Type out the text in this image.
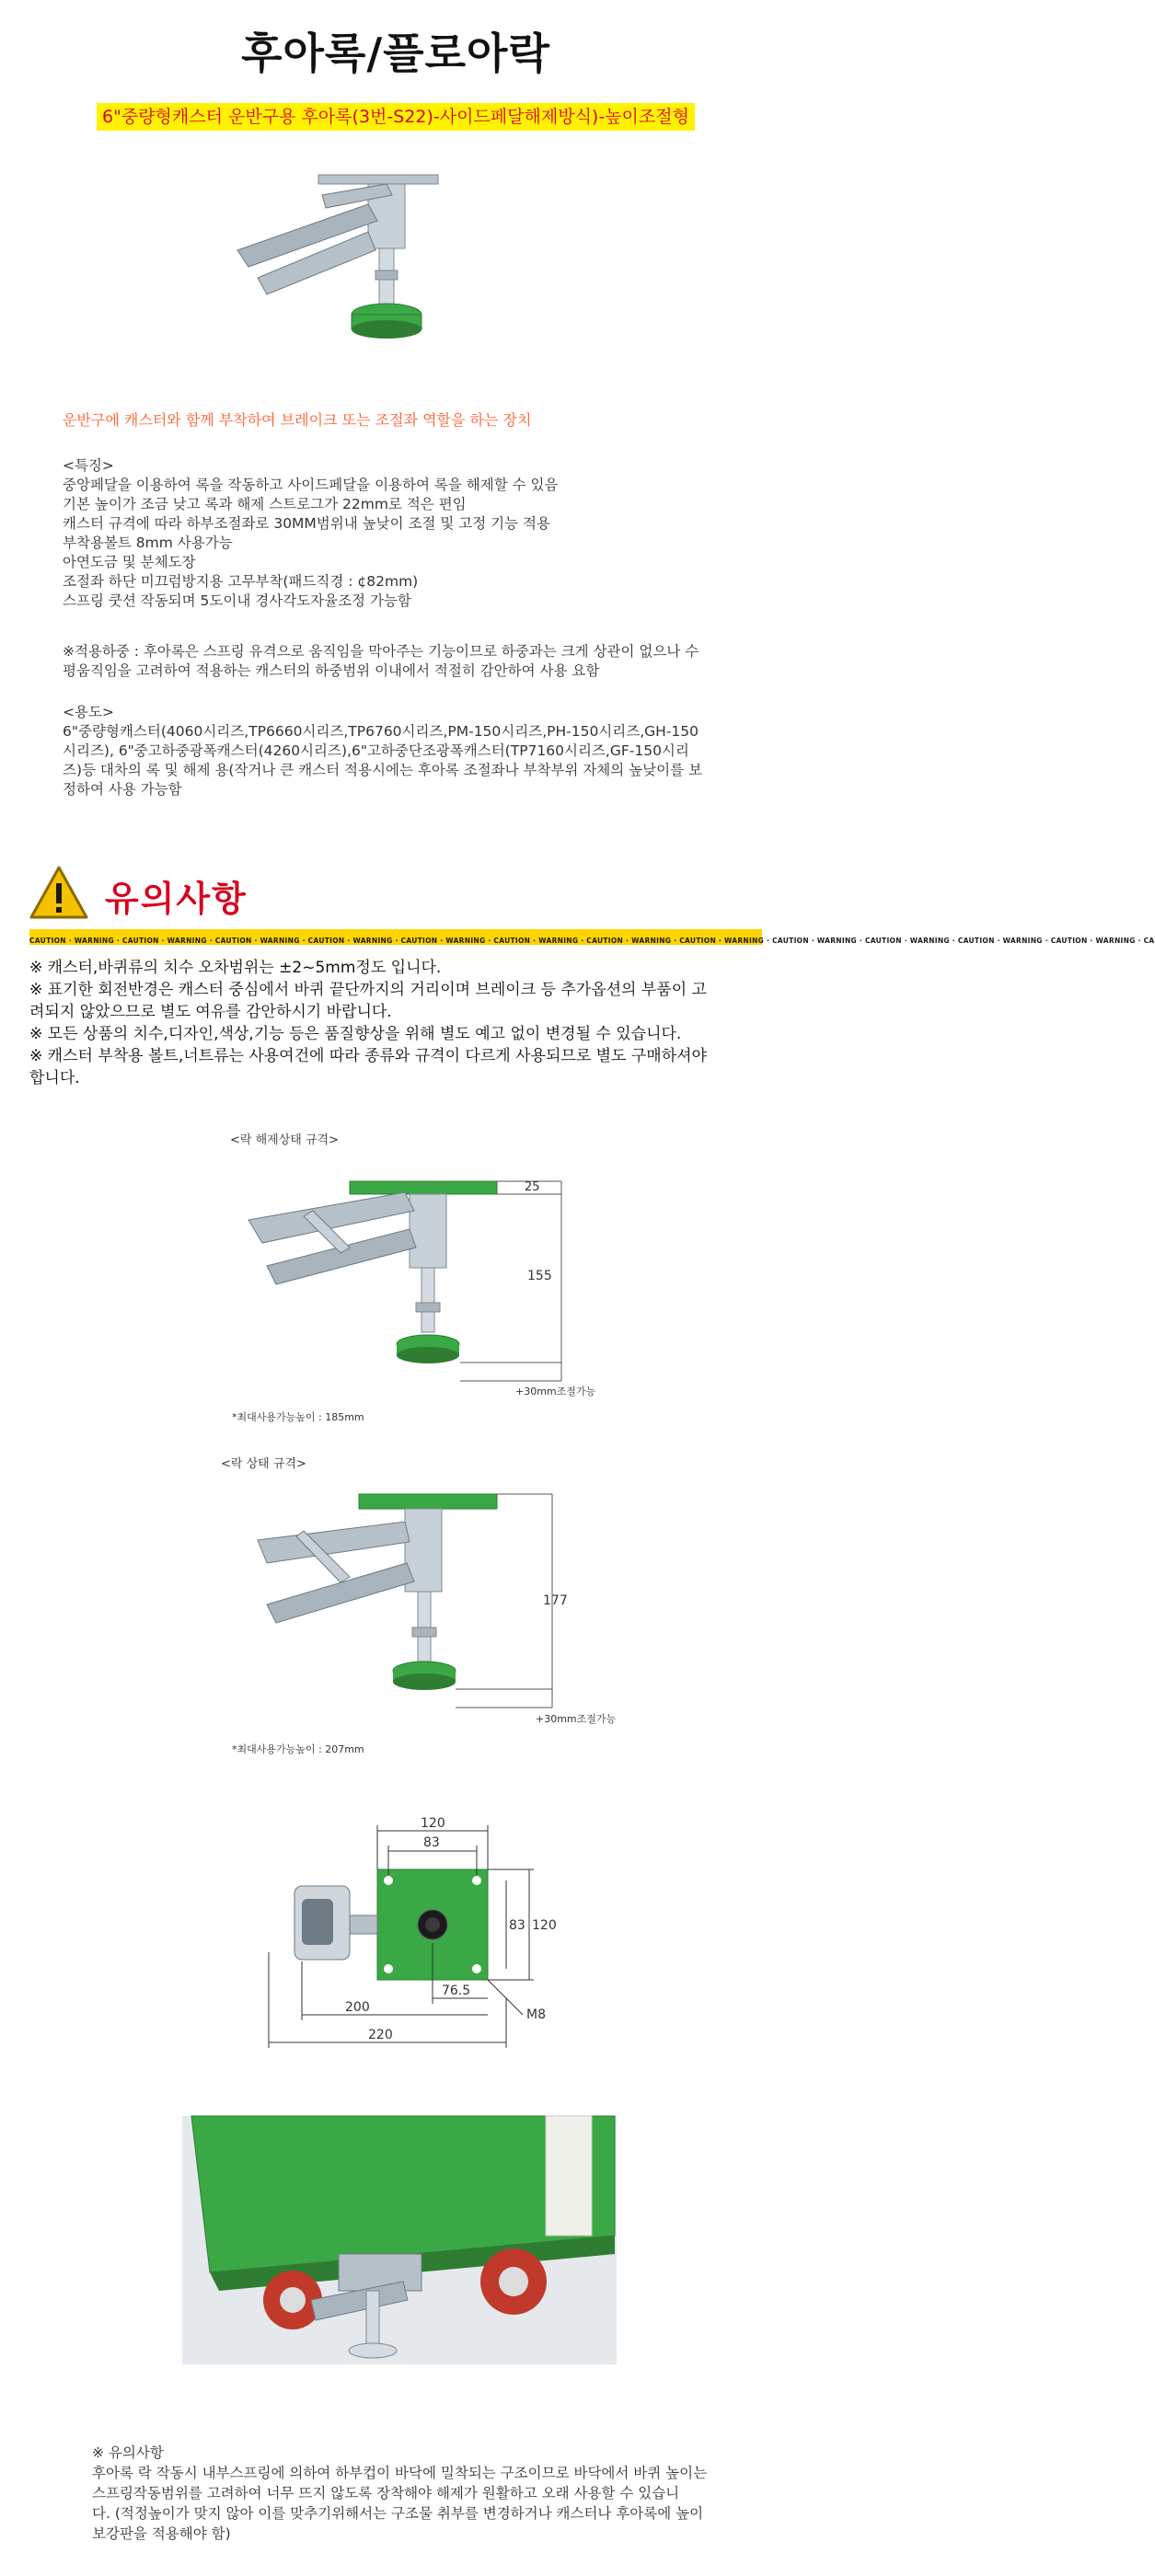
후아록/플로아락
6"중량형캐스터 운반구용 후아록(3번-S22)-사이드페달해제방식)-높이조절형
운반구에 캐스터와 함께 부착하여 브레이크 또는 조절좌 역할을 하는 장치

<특징>

중앙페달을 이용하여 록을 작동하고 사이드페달을 이용하여 록을 해제할 수 있음

기본 높이가 조금 낮고 록과 해제 스트로그가 22mm로 적은 편임

캐스터 규격에 따라 하부조절좌로 30MM범위내 높낮이 조절 및 고정 기능 적용

부착용볼트 8mm 사용가능

아연도금 및 분체도장

조절좌 하단 미끄럼방지용 고무부착(패드직경 : ¢82mm)

스프링 쿳션 작동되며 5도이내 경사각도자율조정 가능함

※적용하중 : 후아록은 스프링 유격으로 움직임을 막아주는 기능이므로 하중과는 크게 상관이 없으나 수

평움직임을 고려하여 적용하는 캐스터의 하중범위 이내에서 적절히 감안하여 사용 요함

<용도>

6"중량형캐스터(4060시리즈,TP6660시리즈,TP6760시리즈,PM-150시리즈,PH-150시리즈,GH-150

시리즈), 6"중고하중광폭캐스터(4260시리즈),6"고하중단조광폭캐스터(TP7160시리즈,GF-150시리

즈)등 대차의 록 및 해제 용(작거나 큰 캐스터 적용시에는 후아록 조절좌나 부착부위 자체의 높낮이를 보

정하여 사용 가능함

유의사항
CAUTION · WARNING · CAUTION · WARNING · CAUTION · WARNING · CAUTION · WARNING · CAUTION · WARNING · CAUTION · WARNING · CAUTION · WARNING · CAUTION · WARNING · CAUTION · WARNING · CAUTION · WARNING · CAUTION · WARNING · CAUTION · WARNING · CA

※ 캐스터,바퀴류의 치수 오차범위는 ±2~5mm정도 입니다.

※ 표기한 회전반경은 캐스터 중심에서 바퀴 끝단까지의 거리이며 브레이크 등 추가옵션의 부품이 고

려되지 않았으므로 별도 여유를 감안하시기 바랍니다.

※ 모든 상품의 치수,디자인,색상,기능 등은 품질향상을 위해 별도 예고 없이 변경될 수 있습니다.

※ 캐스터 부착용 볼트,너트류는 사용여건에 따라 종류와 규격이 다르게 사용되므로 별도 구매하셔야

합니다.

<락 해제상태 규격>
25
155
+30mm조절가능
*최대사용가능높이 : 185mm
<락 상태 규격>
177
+30mm조절가능
*최대사용가능높이 : 207mm
120
83
83 120
76.5
200	M8
220

※ 유의사항

후아록 락 작동시 내부스프링에 의하여 하부컵이 바닥에 밀착되는 구조이므로 바닥에서 바퀴 높이는

스프링작동범위를 고려하여 너무 뜨지 않도록 장착해야 해제가 원활하고 오래 사용할 수 있습니

다. (적정높이가 맞지 않아 이를 맞추기위해서는 구조물 취부를 변경하거나 캐스터나 후아록에 높이

보강판을 적용해야 함)
